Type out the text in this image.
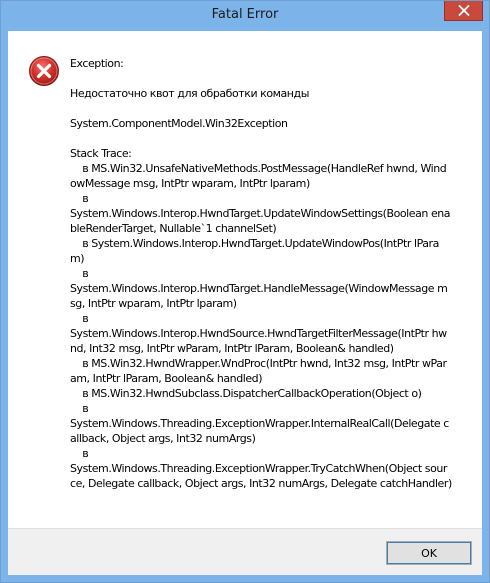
Fatal Error
Exception:

Недостаточно квот для обработки команды

System.ComponentModel.Win32Exception

Stack Trace:
в MS.Win32.UnsafeNativeMethods.PostMessage(HandleRef hwnd, WindowMessage msg, IntPtr wparam, IntPtr lparam)
в
System.Windows.Interop.HwndTarget.UpdateWindowSettings(Boolean enableRenderTarget, Nullable`1 channelSet)
в System.Windows.Interop.HwndTarget.UpdateWindowPos(IntPtr lParam)
в
System.Windows.Interop.HwndTarget.HandleMessage(WindowMessage msg, IntPtr wparam, IntPtr lparam)
в
System.Windows.Interop.HwndSource.HwndTargetFilterMessage(IntPtr hwnd, Int32 msg, IntPtr wParam, IntPtr lParam, Boolean& handled)
в MS.Win32.HwndWrapper.WndProc(IntPtr hwnd, Int32 msg, IntPtr wParam, IntPtr lParam, Boolean& handled)
в MS.Win32.HwndSubclass.DispatcherCallbackOperation(Object o)
в
System.Windows.Threading.ExceptionWrapper.InternalRealCall(Delegate callback, Object args, Int32 numArgs)
в
System.Windows.Threading.ExceptionWrapper.TryCatchWhen(Object source, Delegate callback, Object args, Int32 numArgs, Delegate catchHandler)
OK
